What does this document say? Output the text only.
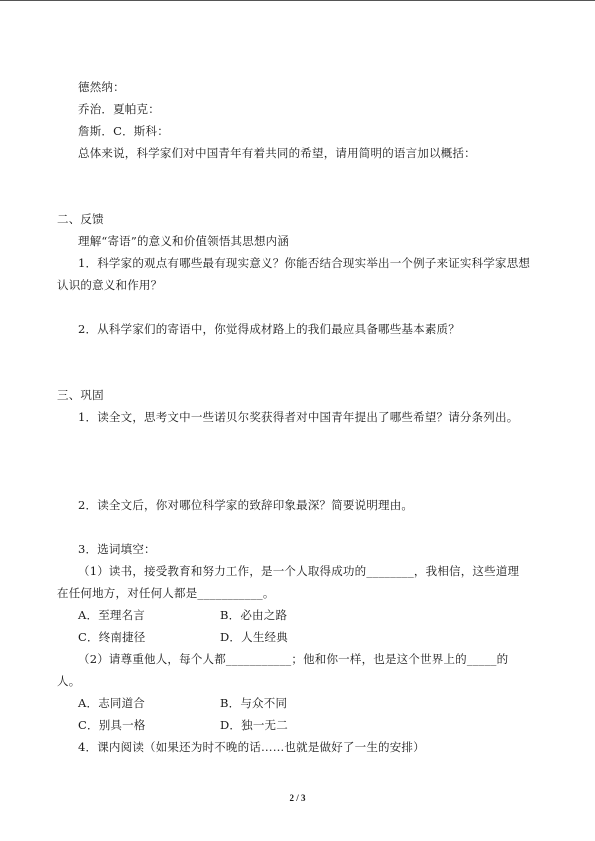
德然纳：
乔治．夏帕克：
詹斯．C．斯科：
总体来说，科学家们对中国青年有着共同的希望，请用简明的语言加以概括：
二、反馈
理解“寄语”的意义和价值领悟其思想内涵
1．科学家的观点有哪些最有现实意义？你能否结合现实举出一个例子来证实科学家思想
认识的意义和作用？
2．从科学家们的寄语中，你觉得成材路上的我们最应具备哪些基本素质？
三、巩固
1．读全文，思考文中一些诺贝尔奖获得者对中国青年提出了哪些希望？请分条列出。
2．读全文后，你对哪位科学家的致辞印象最深？简要说明理由。
3．选词填空：
（1）读书，接受教育和努力工作，是一个人取得成功的________，我相信，这些道理
在任何地方，对任何人都是___________。
A．至理名言	B．必由之路
C．终南捷径	D．人生经典
（2）请尊重他人，每个人都___________；他和你一样，也是这个世界上的_____的
人。
A．志同道合	B．与众不同
C．别具一格	D．独一无二
4．课内阅读（如果还为时不晚的话……也就是做好了一生的安排）
2 / 3
